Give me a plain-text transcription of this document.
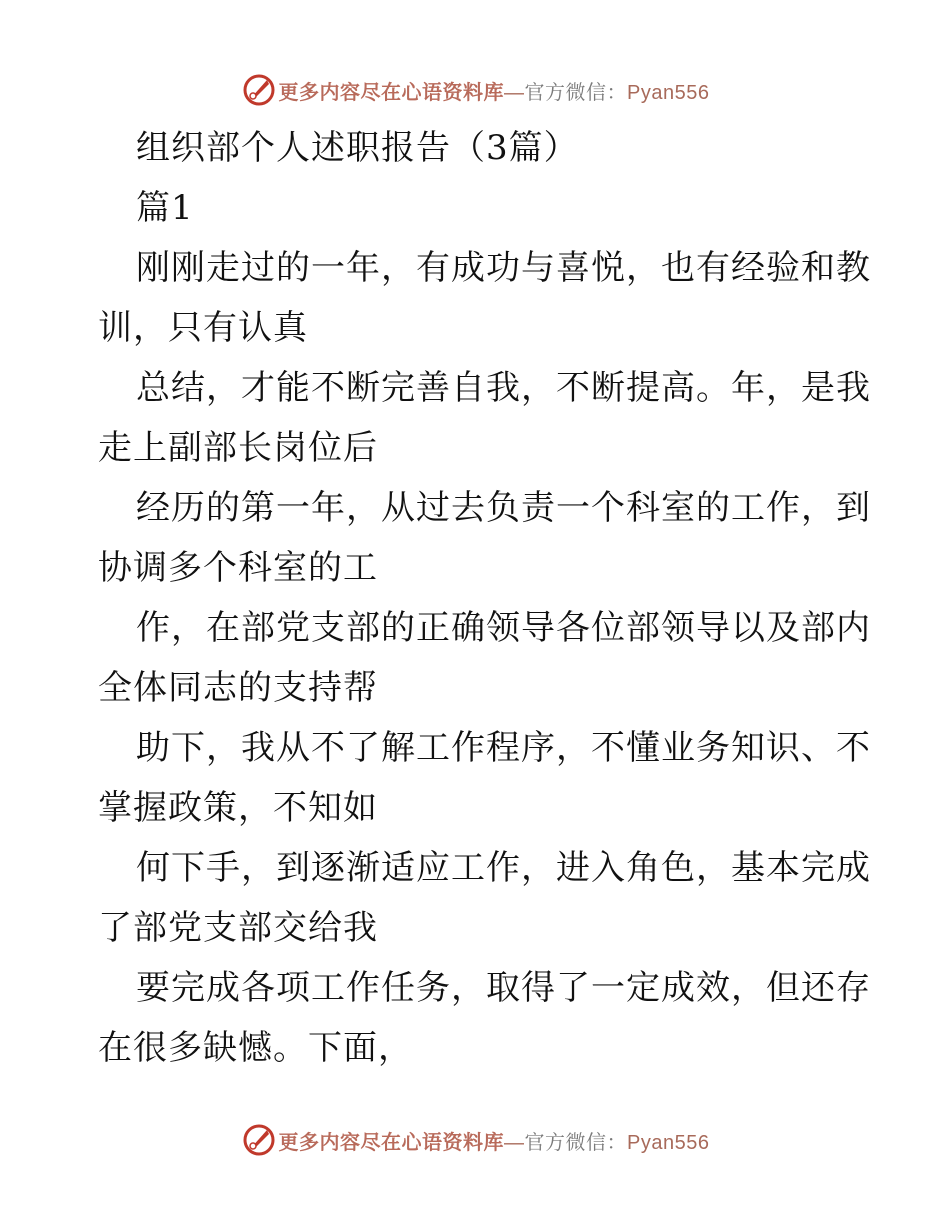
更多内容尽在心语资料库—官方微信：Pyan556
组织部个人述职报告（3篇）
篇1
刚刚走过的一年，有成功与喜悦，也有经验和教
训，只有认真
总结，才能不断完善自我，不断提高。年，是我
走上副部长岗位后
经历的第一年，从过去负责一个科室的工作，到
协调多个科室的工
作，在部党支部的正确领导各位部领导以及部内
全体同志的支持帮
助下，我从不了解工作程序，不懂业务知识、不
掌握政策，不知如
何下手，到逐渐适应工作，进入角色，基本完成
了部党支部交给我
要完成各项工作任务，取得了一定成效，但还存
在很多缺憾。下面，
更多内容尽在心语资料库—官方微信：Pyan556
